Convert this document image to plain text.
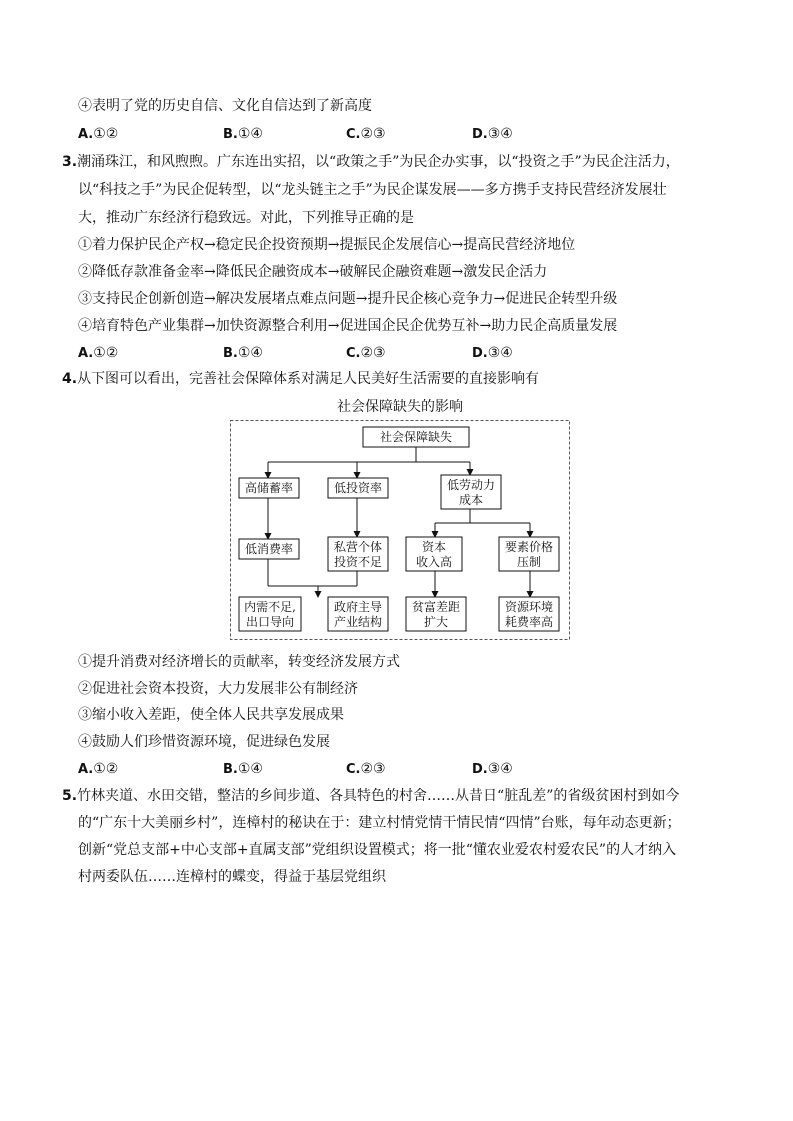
④表明了党的历史自信、文化自信达到了新高度
A.①②	B.①④	C.②③	D.③④
3.潮涌珠江，和风煦煦。广东连出实招，以“政策之手”为民企办实事，以“投资之手”为民企注活力，
以“科技之手”为民企促转型，以“龙头链主之手”为民企谋发展——多方携手支持民营经济发展壮
大，推动广东经济行稳致远。对此，下列推导正确的是
①着力保护民企产权→稳定民企投资预期→提振民企发展信心→提高民营经济地位
②降低存款准备金率→降低民企融资成本→破解民企融资难题→激发民企活力
③支持民企创新创造→解决发展堵点难点问题→提升民企核心竞争力→促进民企转型升级
④培育特色产业集群→加快资源整合利用→促进国企民企优势互补→助力民企高质量发展
A.①②	B.①④	C.②③	D.③④
4.从下图可以看出，完善社会保障体系对满足人民美好生活需要的直接影响有
社会保障缺失的影响
社会保障缺失
高储蓄率	低投资率	低劳动力
成本
低消费率	私营个体
投资不足
资本
收入高
要素价格
压制
内需不足,
出口导向
政府主导
产业结构
贫富差距
扩大
资源环境
耗费率高
①提升消费对经济增长的贡献率，转变经济发展方式
②促进社会资本投资，大力发展非公有制经济
③缩小收入差距，使全体人民共享发展成果
④鼓励人们珍惜资源环境，促进绿色发展
A.①②	B.①④	C.②③	D.③④
5.竹林夹道、水田交错，整洁的乡间步道、各具特色的村舍……从昔日“脏乱差”的省级贫困村到如今
的“广东十大美丽乡村”，连樟村的秘诀在于：建立村情党情干情民情“四情”台账，每年动态更新；
创新“党总支部+中心支部+直属支部”党组织设置模式；将一批“懂农业爱农村爱农民”的人才纳入
村两委队伍……连樟村的蝶变，得益于基层党组织
